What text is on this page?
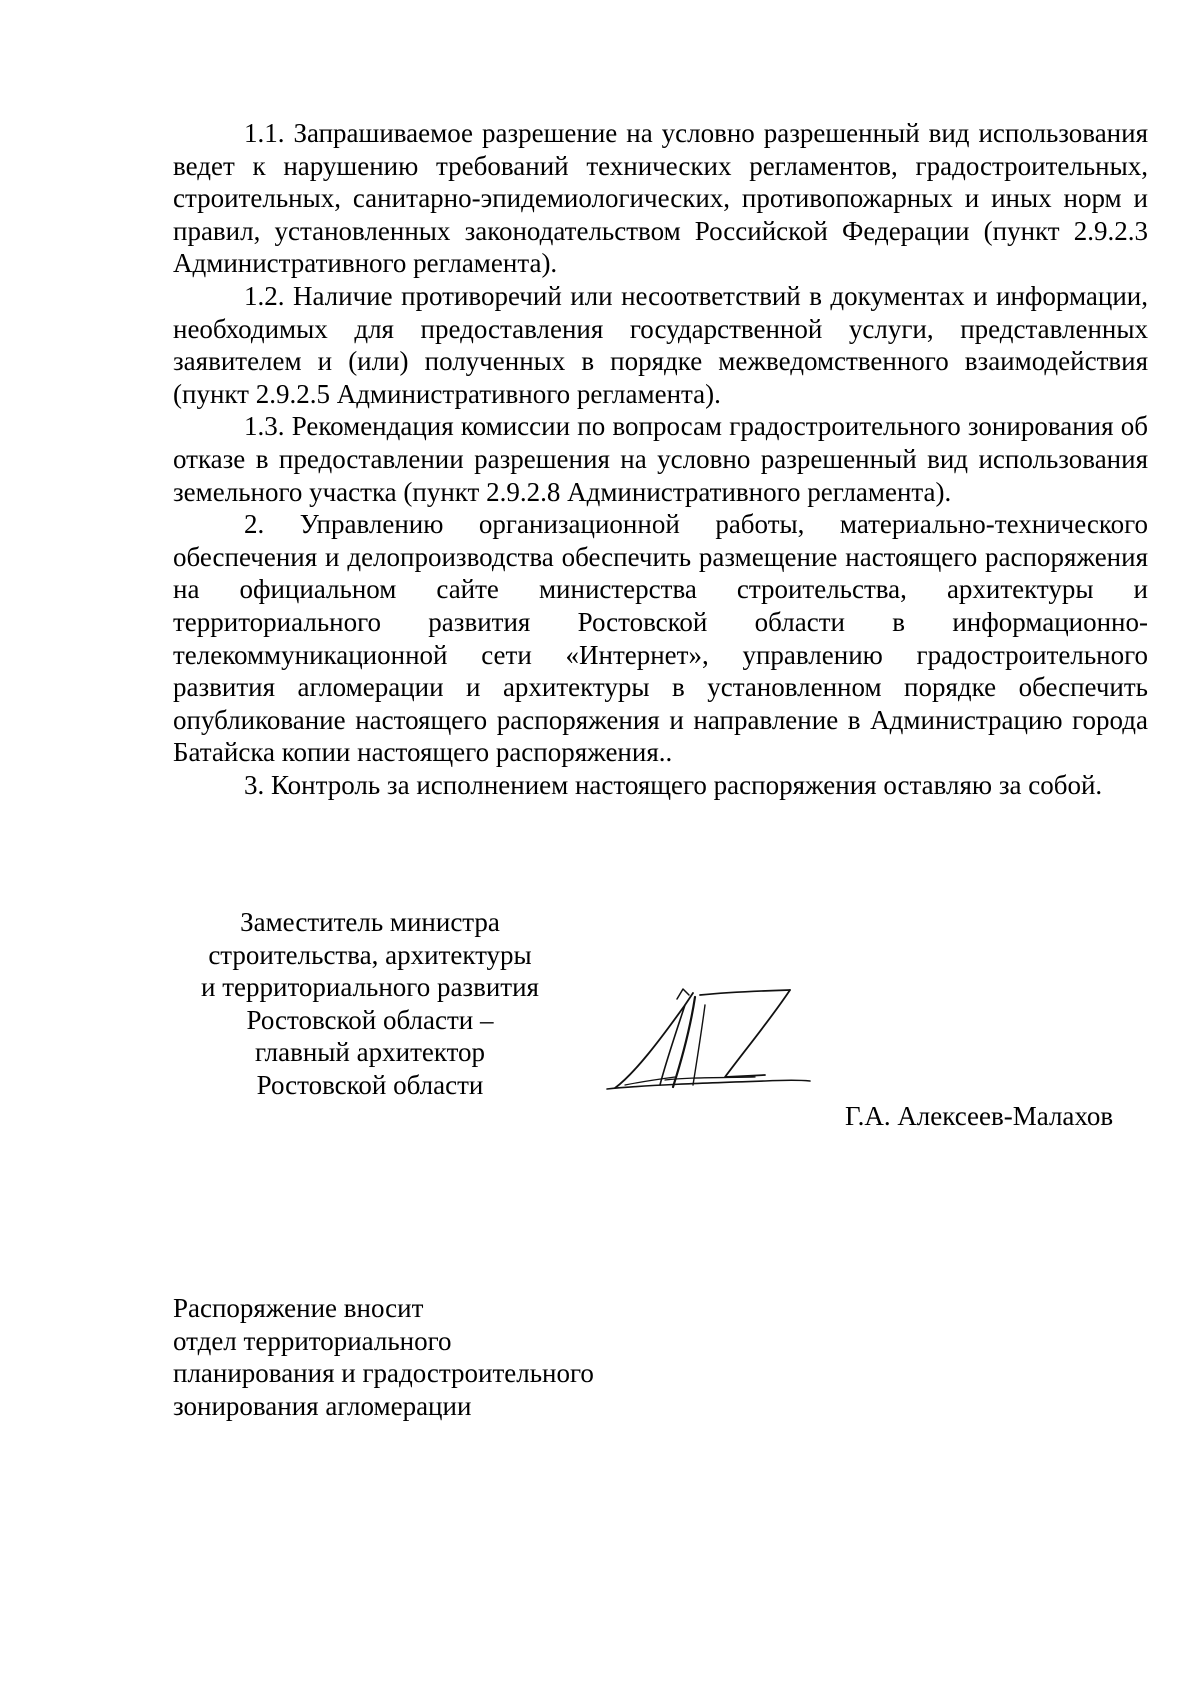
1.1. Запрашиваемое разрешение на условно разрешенный вид использования ведет к нарушению требований технических регламентов, градостроительных, строительных, санитарно-эпидемиологических, противопожарных и иных норм и правил, установленных законодательством Российской Федерации (пункт 2.9.2.3 Административного регламента).

1.2. Наличие противоречий или несоответствий в документах и информации, необходимых для предоставления государственной услуги, представленных заявителем и (или) полученных в порядке межведомственного взаимодействия (пункт 2.9.2.5 Административного регламента).

1.3. Рекомендация комиссии по вопросам градостроительного зонирования об отказе в предоставлении разрешения на условно разрешенный вид использования земельного участка (пункт 2.9.2.8 Административного регламента).

2. Управлению организационной работы, материально-технического обеспечения и делопроизводства обеспечить размещение настоящего распоряжения на официальном сайте министерства строительства, архитектуры и территориального развития Ростовской области в информационно-телекоммуникационной сети «Интернет», управлению градостроительного развития агломерации и архитектуры в установленном порядке обеспечить опубликование настоящего распоряжения и направление в Администрацию города Батайска копии настоящего распоряжения..

3. Контроль за исполнением настоящего распоряжения оставляю за собой.

Заместитель министра
строительства, архитектуры
и территориального развития
Ростовской области –
главный архитектор
Ростовской области
Г.А. Алексеев-Малахов
Распоряжение вносит
отдел территориального
планирования и градостроительного
зонирования агломерации
